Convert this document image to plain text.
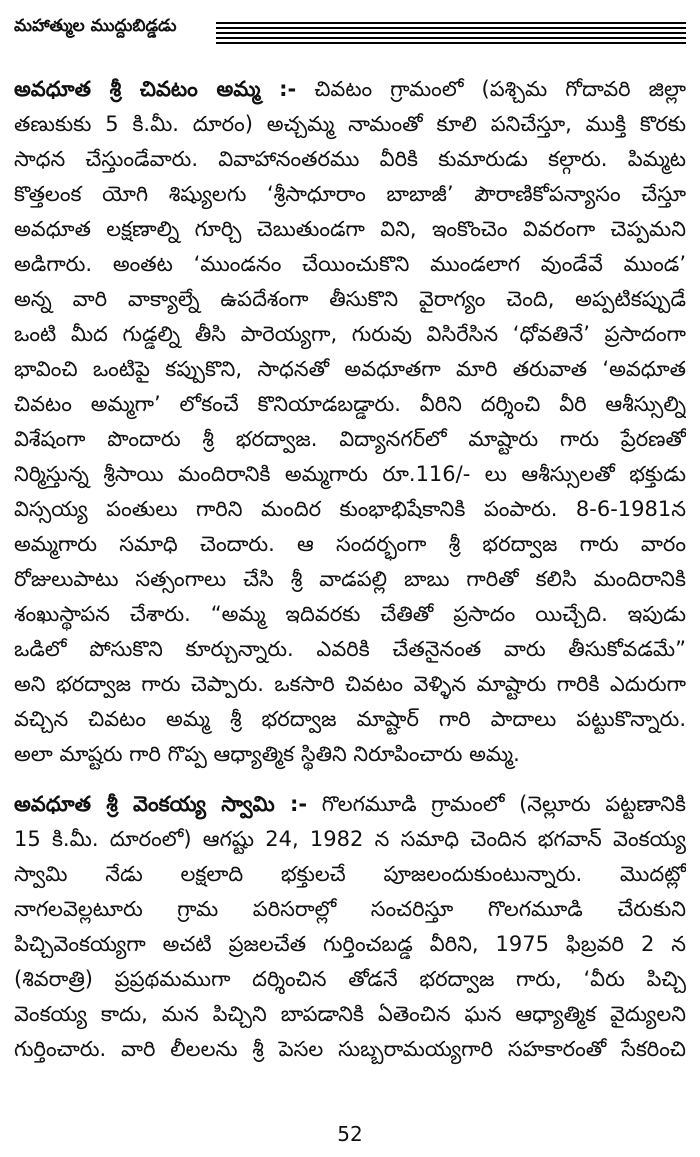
మహాత్ముల ముద్దుబిడ్డడు
అవధూత శ్రీ చివటం అమ్మ :- చివటం గ్రామంలో (పశ్చిమ గోదావరి జిల్లా
తణుకుకు 5 కి.మీ. దూరం) అచ్చమ్మ నామంతో కూలి పనిచేస్తూ, ముక్తి కొరకు
సాధన చేస్తుండేవారు. వివాహానంతరము వీరికి కుమారుడు కల్గారు. పిమ్మట
కొత్తలంక యోగి శిష్యులగు ‘శ్రీసాధూరాం బాబాజీ’ పౌరాణికోపన్యాసం చేస్తూ
అవధూత లక్షణాల్ని గూర్చి చెబుతుండగా విని, ఇంకొంచెం వివరంగా చెప్పమని
అడిగారు. అంతట ‘ముండనం చేయించుకొని ముండలాగ వుండేవే ముండ’
అన్న వారి వాక్యాల్నే ఉపదేశంగా తీసుకొని వైరాగ్యం చెంది, అప్పటికప్పుడే
ఒంటి మీద గుడ్డల్ని తీసి పారెయ్యగా, గురువు విసిరేసిన ‘ధోవతినే’ ప్రసాదంగా
భావించి ఒంటిపై కప్పుకొని, సాధనతో అవధూతగా మారి తరువాత ‘అవధూత
చివటం అమ్మగా’ లోకంచే కొనియాడబడ్డారు. వీరిని దర్శించి వీరి ఆశీస్సుల్ని
విశేషంగా పొందారు శ్రీ భరద్వాజ. విద్యానగర్‌లో మాష్టారు గారు ప్రేరణతో
నిర్మిస్తున్న శ్రీసాయి మందిరానికి అమ్మగారు రూ.116/- లు ఆశీస్సులతో భక్తుడు
విస్సయ్య పంతులు గారిని మందిర కుంభాభిషేకానికి పంపారు. 8-6-1981న
అమ్మగారు సమాధి చెందారు. ఆ సందర్భంగా శ్రీ భరద్వాజ గారు వారం
రోజులుపాటు సత్సంగాలు చేసి శ్రీ వాడపల్లి బాబు గారితో కలిసి మందిరానికి
శంఖుస్థాపన చేశారు. “అమ్మ ఇదివరకు చేతితో ప్రసాదం యిచ్చేది. ఇపుడు
ఒడిలో పోసుకొని కూర్చున్నారు. ఎవరికి చేతనైనంత వారు తీసుకోవడమే”
అని భరద్వాజ గారు చెప్పారు. ఒకసారి చివటం వెళ్ళిన మాష్టారు గారికి ఎదురుగా
వచ్చిన చివటం అమ్మ శ్రీ భరద్వాజ మాష్టార్ గారి పాదాలు పట్టుకొన్నారు.
అలా మాష్టరు గారి గొప్ప ఆధ్యాత్మిక స్థితిని నిరూపించారు అమ్మ.
అవధూత శ్రీ వెంకయ్య స్వామి :- గొలగమూడి గ్రామంలో (నెల్లూరు పట్టణానికి
15 కి.మీ. దూరంలో) ఆగష్టు 24, 1982 న సమాధి చెందిన భగవాన్ వెంకయ్య
స్వామి నేడు లక్షలాది భక్తులచే పూజలందుకుంటున్నారు. మొదట్లో
నాగలవెల్లటూరు గ్రామ పరిసరాల్లో సంచరిస్తూ గొలగమూడి చేరుకుని
పిచ్చివెంకయ్యగా అచటి ప్రజలచేత గుర్తించబడ్డ వీరిని, 1975 ఫిబ్రవరి 2 న
(శివరాత్రి) ప్రప్రథమముగా దర్శించిన తోడనే భరద్వాజ గారు, ‘వీరు పిచ్చి
వెంకయ్య కాదు, మన పిచ్చిని బాపడానికి ఏతెంచిన ఘన ఆధ్యాత్మిక వైద్యులని
గుర్తించారు. వారి లీలలను శ్రీ పెసల సుబ్బరామయ్యగారి సహకారంతో సేకరించి
52
